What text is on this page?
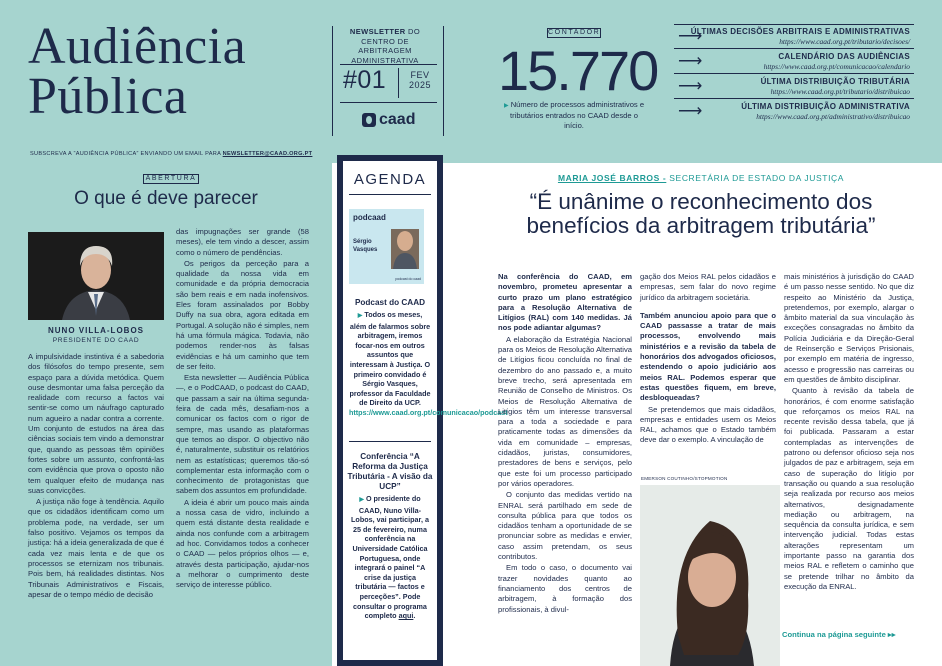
Audiência
Pública
SUBSCREVA A “AUDIÊNCIA PÚBLICA” ENVIANDO UM EMAIL PARA NEWSLETTER@CAAD.ORG.PT
NEWSLETTER DO CENTRO DE ARBITRAGEM ADMINISTRATIVA
#01	FEV
2025
caad
CONTADOR
15.770
▶ Número de processos administrativos e tributários entrados no CAAD desde o início.
⟶
ÚLTIMAS DECISÕES ARBITRAIS E ADMINISTRATIVAS
https://www.caad.org.pt/tributario/decisoes/
⟶	CALENDÁRIO DAS AUDIÊNCIAS
https://www.caad.org.pt/comunicacao/calendario
⟶	ÚLTIMA DISTRIBUIÇÃO TRIBUTÁRIA
https://www.caad.org.pt/tributario/distribuicao
⟶	ÚLTIMA DISTRIBUIÇÃO ADMINISTRATIVA
https://www.caad.org.pt/administrativo/distribuicao
ABERTURA
O que é deve parecer
NUNO VILLA-LOBOS
PRESIDENTE DO CAAD

A impulsividade instintiva é a sabedoria dos filósofos do tempo presente, sem espaço para a dúvida metódica. Quem ouse desmontar uma falsa perceção da realidade com recurso a factos vai sentir-se como um náufrago capturado num agueiro a nadar contra a corrente. Um conjunto de estudos na área das ciências sociais tem vindo a demonstrar que, quando as pessoas têm opiniões fortes sobre um assunto, confrontá-las com evidência que prova o oposto não tem qualquer efeito de mudança nas suas convicções.

A justiça não foge à tendência. Aquilo que os cidadãos identificam como um problema pode, na verdade, ser um falso positivo. Vejamos os tempos da justiça: há a ideia generalizada de que é cada vez mais lenta e de que os processos se eternizam nos tribunais. Pois bem, há realidades distintas. Nos Tribunais Administrativos e Fiscais, apesar de o tempo médio de decisão

das impugnações ser grande (58 meses), ele tem vindo a descer, assim como o número de pendências.

Os perigos da perceção para a qualidade da nossa vida em comunidade e da própria democracia são bem reais e em nada inofensivos. Eles foram assinalados por Bobby Duffy na sua obra, agora editada em Portugal. A solução não é simples, nem há uma fórmula mágica. Todavia, não podemos render-nos às falsas evidências e há um caminho que tem de ser feito.

Esta newsletter — Audiência Pública —, e o PodCAAD, o podcast do CAAD, que passam a sair na última segunda-feira de cada mês, desafiam-nos a comunicar os factos com o rigor de sempre, mas usando as plataformas que temos ao dispor. O objectivo não é, naturalmente, substituir os relatórios nem as estatísticas; queremos tão-só complementar esta informação com o conhecimento de protagonistas que sabem dos assuntos em profundidade.

A ideia é abrir um pouco mais ainda a nossa casa de vidro, incluindo a quem está distante desta realidade e ainda nos confunde com a arbitragem ad hoc. Convidamos todos a conhecer o CAAD — pelos próprios olhos — e, através desta participação, ajudar-nos a melhorar o cumprimento deste serviço de interesse público.

AGENDA
podcaad
Sérgio
Vasques
podcast do caad
Podcast do CAAD
▶ Todos os meses, além de falarmos sobre arbitragem, iremos focar-nos em outros assuntos que interessam à Justiça. O primeiro convidado é Sérgio Vasques, professor da Faculdade de Direito da UCP. https://www.caad.org.pt/comunicacao/podcast
Conferência “A Reforma da Justiça Tributária - A visão da UCP”
▶ O presidente do CAAD, Nuno Villa-Lobos, vai participar, a 25 de fevereiro, numa conferência na Universidade Católica Portuguesa, onde integrará o painel “A crise da justiça tributária — factos e perceções”. Pode consultar o programa completo aqui.
MARIA JOSÉ BARROS - SECRETÁRIA DE ESTADO DA JUSTIÇA
“É unânime o reconhecimento dos benefícios da arbitragem tributária”

Na conferência do CAAD, em novembro, prometeu apresentar a curto prazo um plano estratégico para a Resolução Alternativa de Litígios (RAL) com 140 medidas. Já nos pode adiantar algumas?

A elaboração da Estratégia Nacional para os Meios de Resolução Alternativa de Litígios ficou concluída no final de dezembro do ano passado e, a muito breve trecho, será apresentada em Reunião de Conselho de Ministros. Os Meios de Resolução Alternativa de Litígios têm um interesse transversal para a toda a sociedade e para praticamente todas as dimensões da vida em comunidade – empresas, cidadãos, juristas, consumidores, prestadores de bens e serviços, pelo que este foi um processo participado por vários operadores.

O conjunto das medidas vertido na ENRAL será partilhado em sede de consulta pública para que todos os cidadãos tenham a oportunidade de se pronunciar sobre as medidas e envier, caso assim pretendam, os seus contributos.

Em todo o caso, o documento vai trazer novidades quanto ao financiamento dos centros de arbitragem, à formação dos profissionais, à divul-

gação dos Meios RAL pelos cidadãos e empresas, sem falar do novo regime jurídico da arbitragem societária.

Também anunciou apoio para que o CAAD passasse a tratar de mais processos, envolvendo mais ministérios e a revisão da tabela de honorários dos advogados oficiosos, estendendo o apoio judiciário aos meios RAL. Podemos esperar que estas questões fiquem, em breve, desbloqueadas?

Se pretendemos que mais cidadãos, empresas e entidades usem os Meios RAL, achamos que o Estado também deve dar o exemplo. A vinculação de

EMERSON COUTINHO/STOPMOTION

mais ministérios à jurisdição do CAAD é um passo nesse sentido. No que diz respeito ao Ministério da Justiça, pretendemos, por exemplo, alargar o âmbito material da sua vinculação às exceções consagradas no âmbito da Polícia Judiciária e da Direção-Geral de Reinserção e Serviços Prisionais, por exemplo em matéria de ingresso, acesso e progressão nas carreiras ou em questões de âmbito disciplinar.

Quanto à revisão da tabela de honorários, é com enorme satisfação que reforçamos os meios RAL na recente revisão dessa tabela, que já foi publicada. Passaram a estar contempladas as intervenções de patrono ou defensor oficioso seja nos julgados de paz e arbitragem, seja em caso de superação do litígio por transação ou quando a sua resolução seja realizada por recurso aos meios alternativos, designadamente mediação ou arbitragem, na sequência da consulta jurídica, e sem intervenção judicial. Todas estas alterações representam um importante passo na garantia dos meios RAL e refletem o caminho que se pretende trilhar no âmbito da execução da ENRAL.

Continua na página seguinte ▸▸
